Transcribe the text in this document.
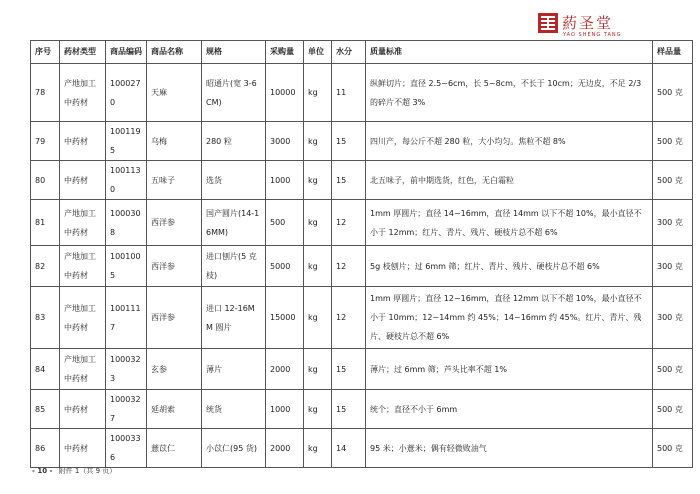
葯圣堂
YAO SHENG TANG
序号	药材类型	商品编码	商品名称	规格	采购量	单位	水分	质量标准	样品量
78	产地加工中药材	1000270	天麻	昭通片(宽 3-6CM)	10000	kg	11	纵鲜切片；直径 2.5~6cm，长 5~8cm，不长于 10cm；无边皮，不足 2/3 的碎片不超 3%	500 克
79	中药材	1001195	乌梅	280 粒	3000	kg	15	四川产，每公斤不超 280 粒，大小均匀。焦粒不超 8%	500 克
80	中药材	1001130	五味子	选货	1000	kg	15	北五味子，前中期选货，红色，无白霜粒	500 克
81	产地加工中药材	1000308	西洋参	国产圆片(14-16MM)	500	kg	12	1mm 厚圆片；直径 14~16mm，直径 14mm 以下不超 10%，最小直径不小于 12mm；红片、青片、残片、硬枝片总不超 6%	300 克
82	产地加工中药材	1001005	西洋参	进口刨片(5 克枝)	5000	kg	12	5g 枝刨片；过 6mm 筛；红片、青片、残片、硬枝片总不超 6%	300 克
83	产地加工中药材	1001117	西洋参	进口 12-16MM 圆片	15000	kg	12	1mm 厚圆片；直径 12~16mm，直径 12mm 以下不超 10%，最小直径不小于 10mm；12~14mm 约 45%；14~16mm 约 45%。红片、青片、残片、硬枝片总不超 6%	300 克
84	产地加工中药材	1000323	玄参	薄片	2000	kg	15	薄片；过 6mm 筛；芦头比率不超 1%	500 克
85	中药材	1000327	延胡索	统货	1000	kg	15	统个；直径不小于 6mm	500 克
86	中药材	1000336	薏苡仁	小苡仁(95 货)	2000	kg	14	95 米；小薏米；偶有轻微败油气	500 克
- 10 - 附件 1（共 9 页）
